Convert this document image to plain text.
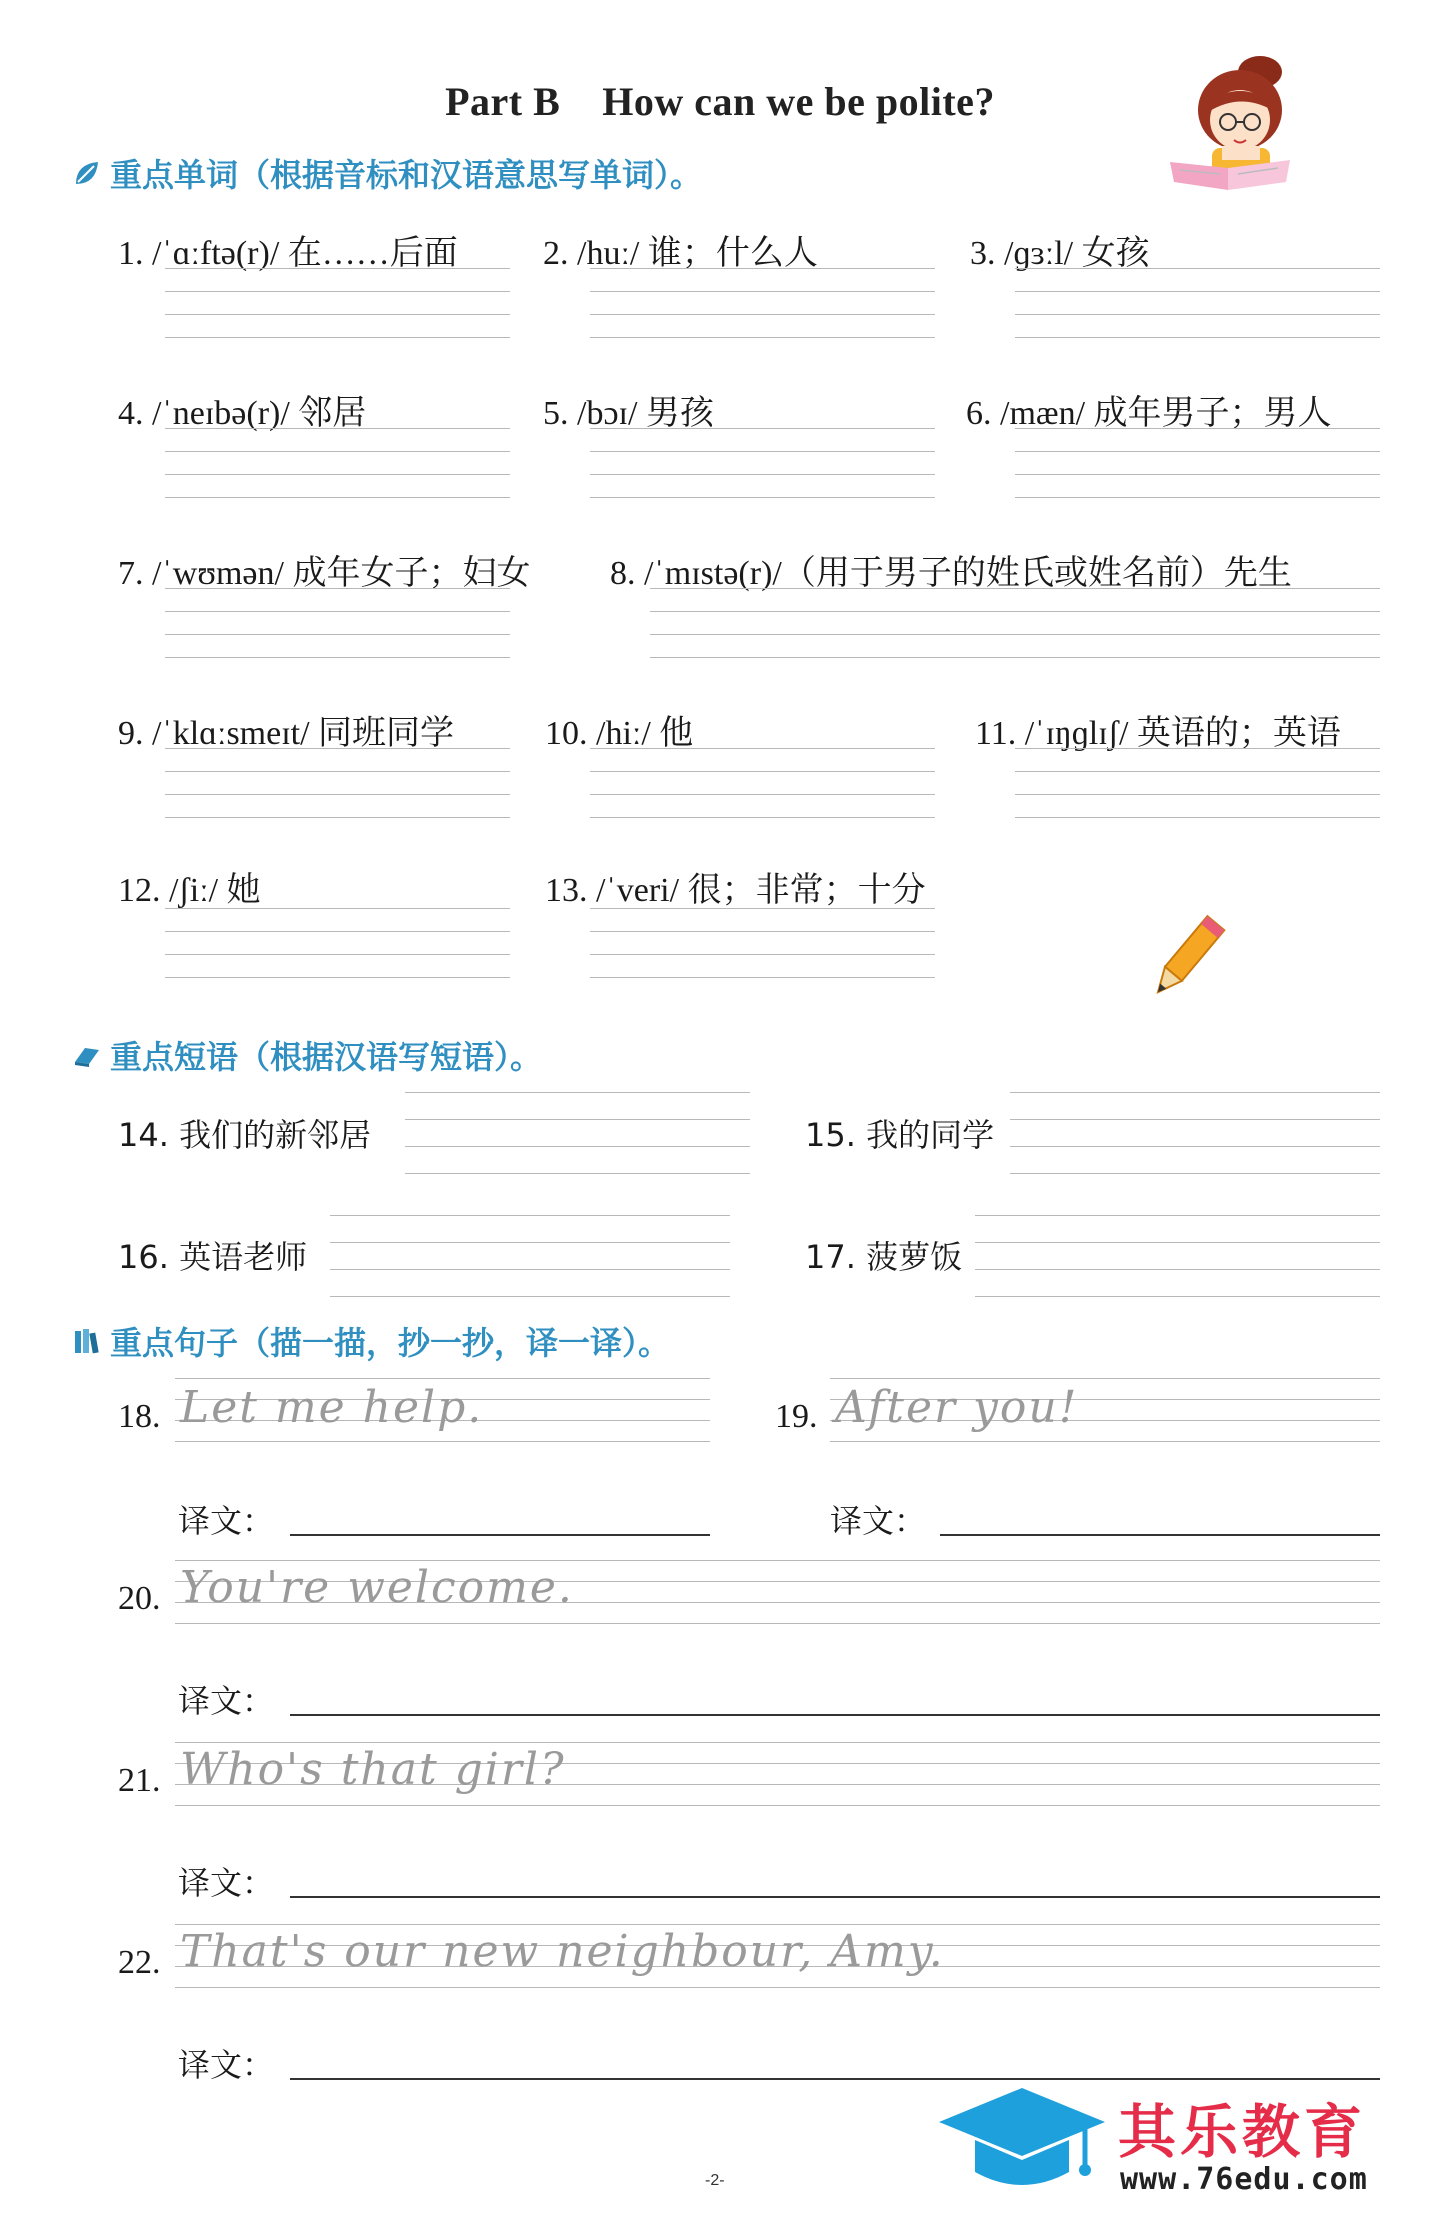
Part B How can we be polite?
重点单词（根据音标和汉语意思写单词）。
1. /ˈɑːftə(r)/ 在……后面	2. /huː/ 谁；什么人	3. /ɡɜːl/ 女孩
4. /ˈneɪbə(r)/ 邻居	5. /bɔɪ/ 男孩	6. /mæn/ 成年男子；男人
7. /ˈwʊmən/ 成年女子；妇女 8. /ˈmɪstə(r)/（用于男子的姓氏或姓名前）先生
9. /ˈklɑːsmeɪt/ 同班同学	10. /hiː/ 他	11. /ˈɪŋɡlɪʃ/ 英语的；英语
12. /ʃiː/ 她	13. /ˈveri/ 很；非常；十分
重点短语（根据汉语写短语）。
14. 我们的新邻居	15. 我的同学
16. 英语老师	17. 菠萝饭
重点句子（描一描，抄一抄，译一译）。
18. Let me help.	19. After you!
译文：	译文：
20. You're welcome.
译文：
21. Who's that girl?
译文：
22. That's our new neighbour, Amy.
译文：
-2-
其乐教育
www.76edu.com
